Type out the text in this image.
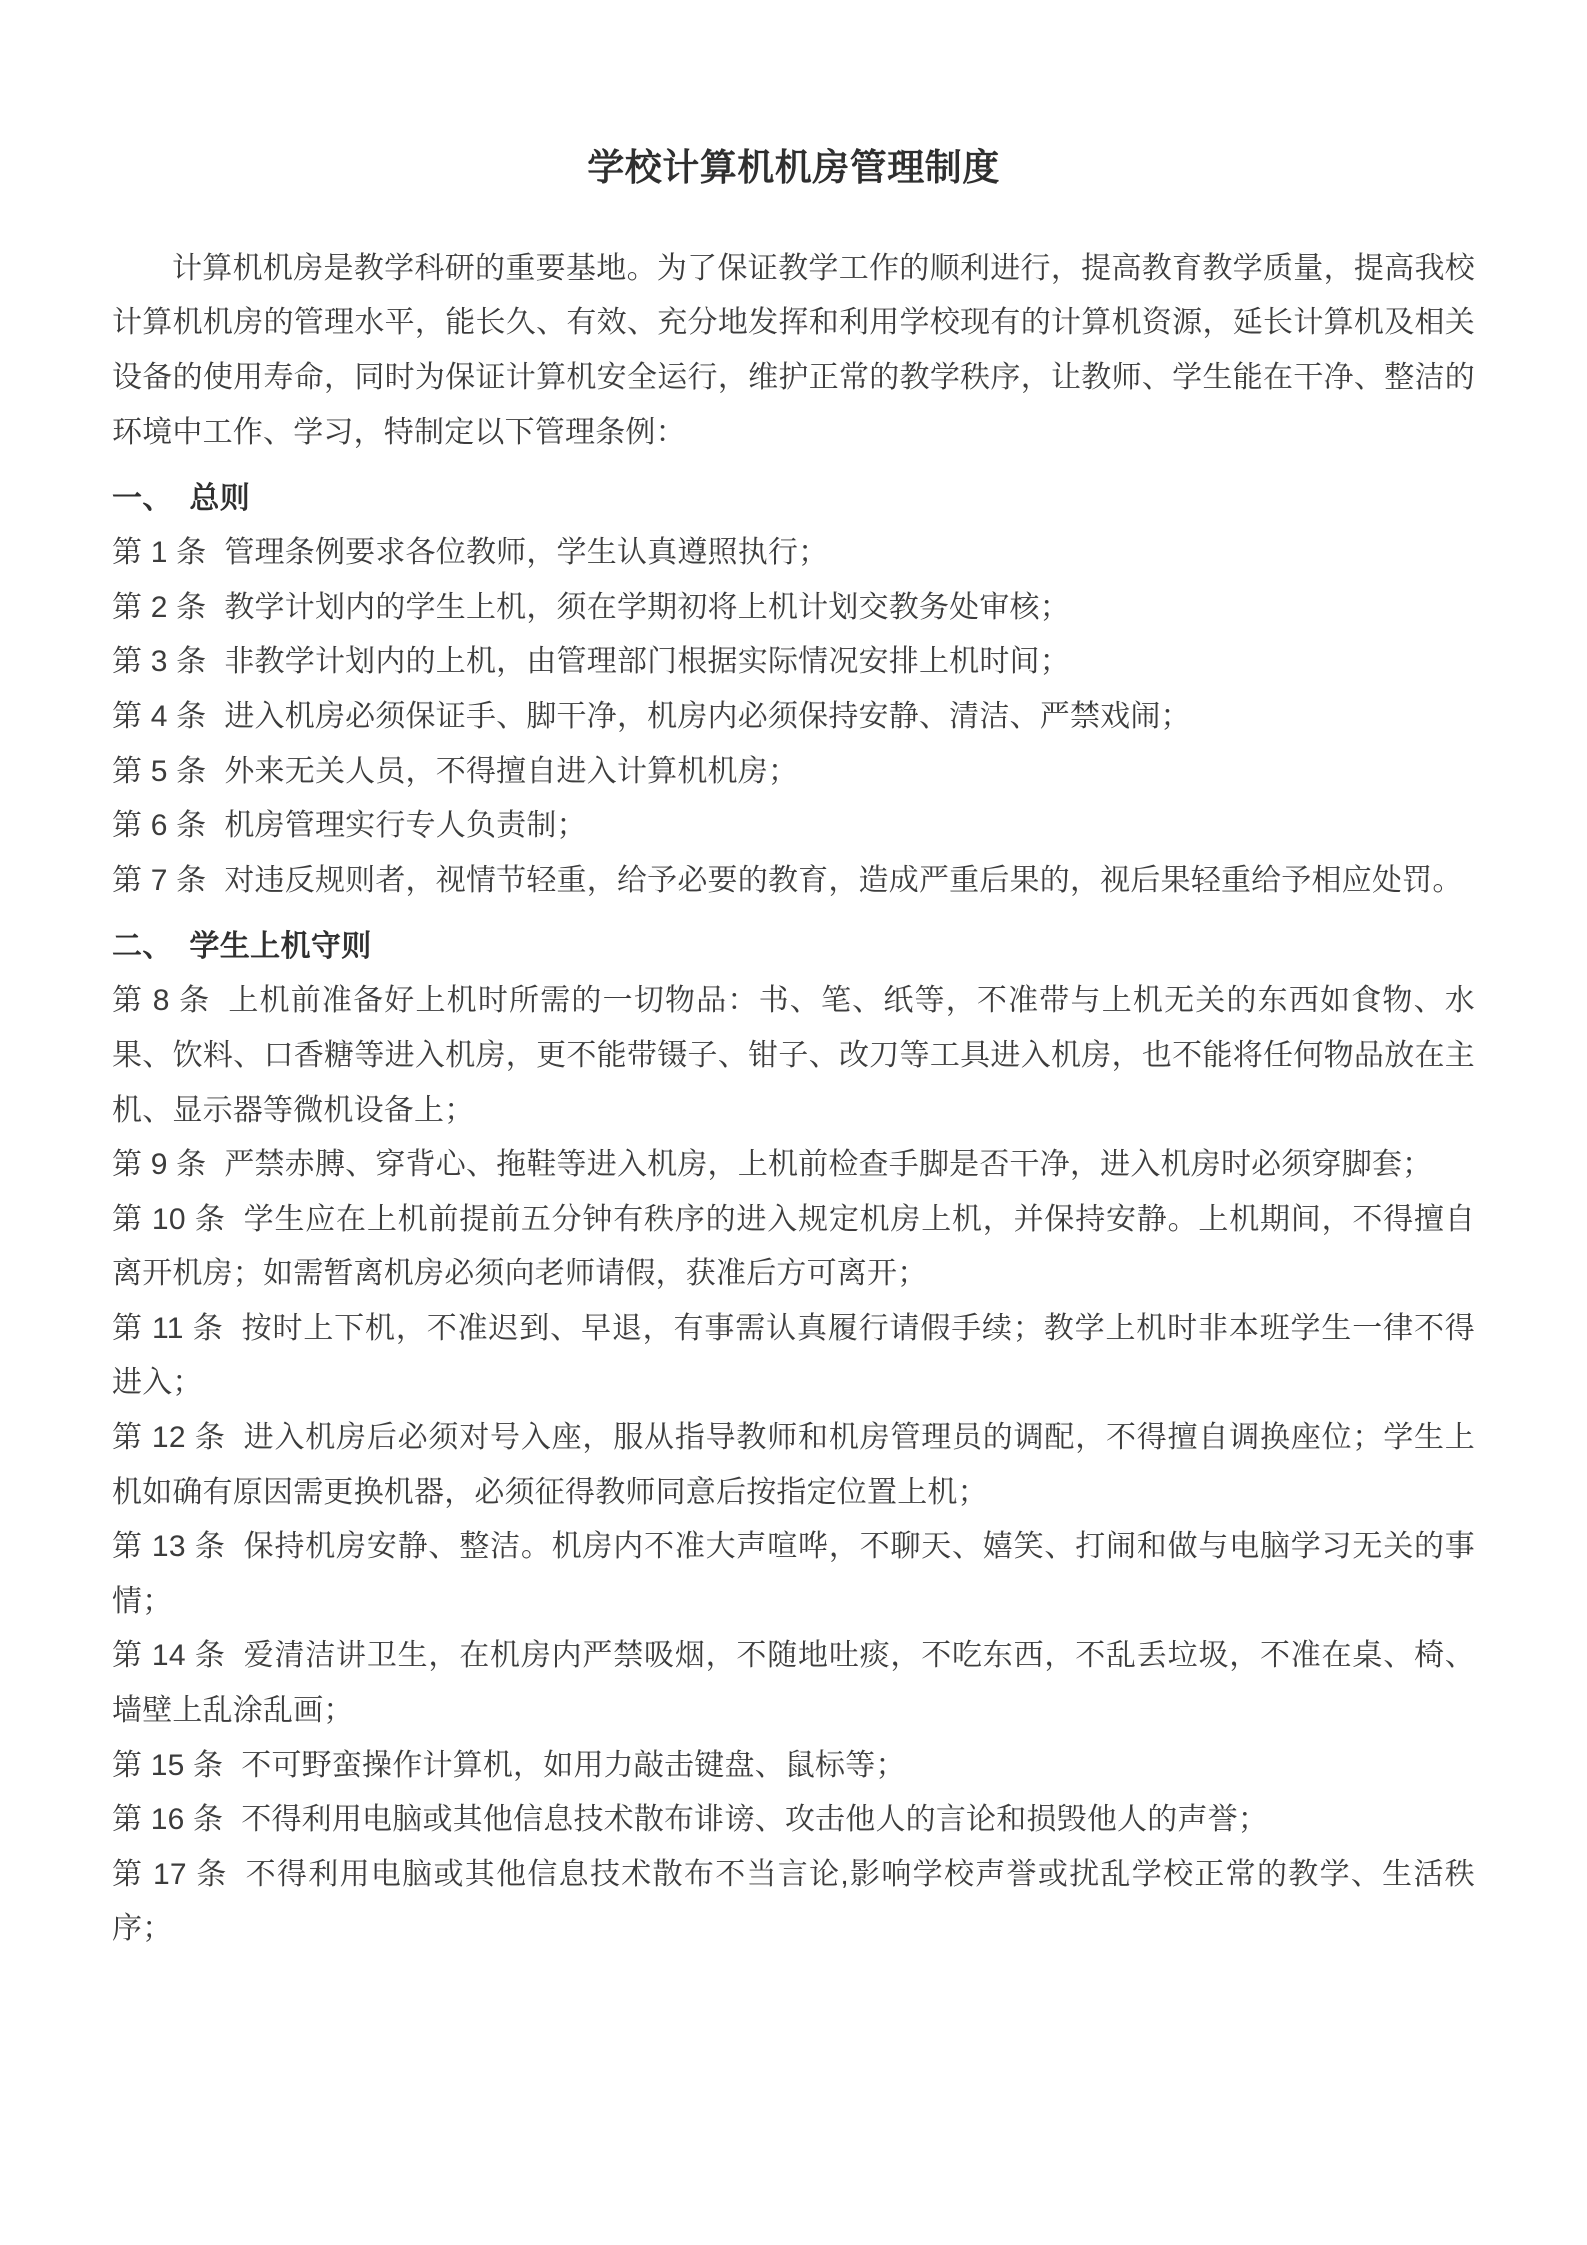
学校计算机机房管理制度

计算机机房是教学科研的重要基地。为了保证教学工作的顺利进行，提高教育教学质量，提高我校计算机机房的管理水平，能长久、有效、充分地发挥和利用学校现有的计算机资源，延长计算机及相关设备的使用寿命，同时为保证计算机安全运行，维护正常的教学秩序，让教师、学生能在干净、整洁的环境中工作、学习，特制定以下管理条例：

一、 总则
第 1 条 管理条例要求各位教师，学生认真遵照执行；
第 2 条 教学计划内的学生上机，须在学期初将上机计划交教务处审核；
第 3 条 非教学计划内的上机，由管理部门根据实际情况安排上机时间；
第 4 条 进入机房必须保证手、脚干净，机房内必须保持安静、清洁、严禁戏闹；
第 5 条 外来无关人员，不得擅自进入计算机机房；
第 6 条 机房管理实行专人负责制；
第 7 条 对违反规则者，视情节轻重，给予必要的教育，造成严重后果的，视后果轻重给予相应处罚。
二、 学生上机守则
第 8 条 上机前准备好上机时所需的一切物品：书、笔、纸等，不准带与上机无关的东西如食物、水果、饮料、口香糖等进入机房，更不能带镊子、钳子、改刀等工具进入机房，也不能将任何物品放在主机、显示器等微机设备上；
第 9 条 严禁赤膊、穿背心、拖鞋等进入机房，上机前检查手脚是否干净，进入机房时必须穿脚套；
第 10 条 学生应在上机前提前五分钟有秩序的进入规定机房上机，并保持安静。上机期间，不得擅自离开机房；如需暂离机房必须向老师请假，获准后方可离开；
第 11 条 按时上下机，不准迟到、早退，有事需认真履行请假手续；教学上机时非本班学生一律不得进入；
第 12 条 进入机房后必须对号入座，服从指导教师和机房管理员的调配，不得擅自调换座位；学生上机如确有原因需更换机器，必须征得教师同意后按指定位置上机；
第 13 条 保持机房安静、整洁。机房内不准大声喧哗，不聊天、嬉笑、打闹和做与电脑学习无关的事情；
第 14 条 爱清洁讲卫生，在机房内严禁吸烟，不随地吐痰，不吃东西，不乱丢垃圾，不准在桌、椅、墙壁上乱涂乱画；
第 15 条 不可野蛮操作计算机，如用力敲击键盘、鼠标等；
第 16 条 不得利用电脑或其他信息技术散布诽谤、攻击他人的言论和损毁他人的声誉；
第 17 条 不得利用电脑或其他信息技术散布不当言论,影响学校声誉或扰乱学校正常的教学、生活秩序；
